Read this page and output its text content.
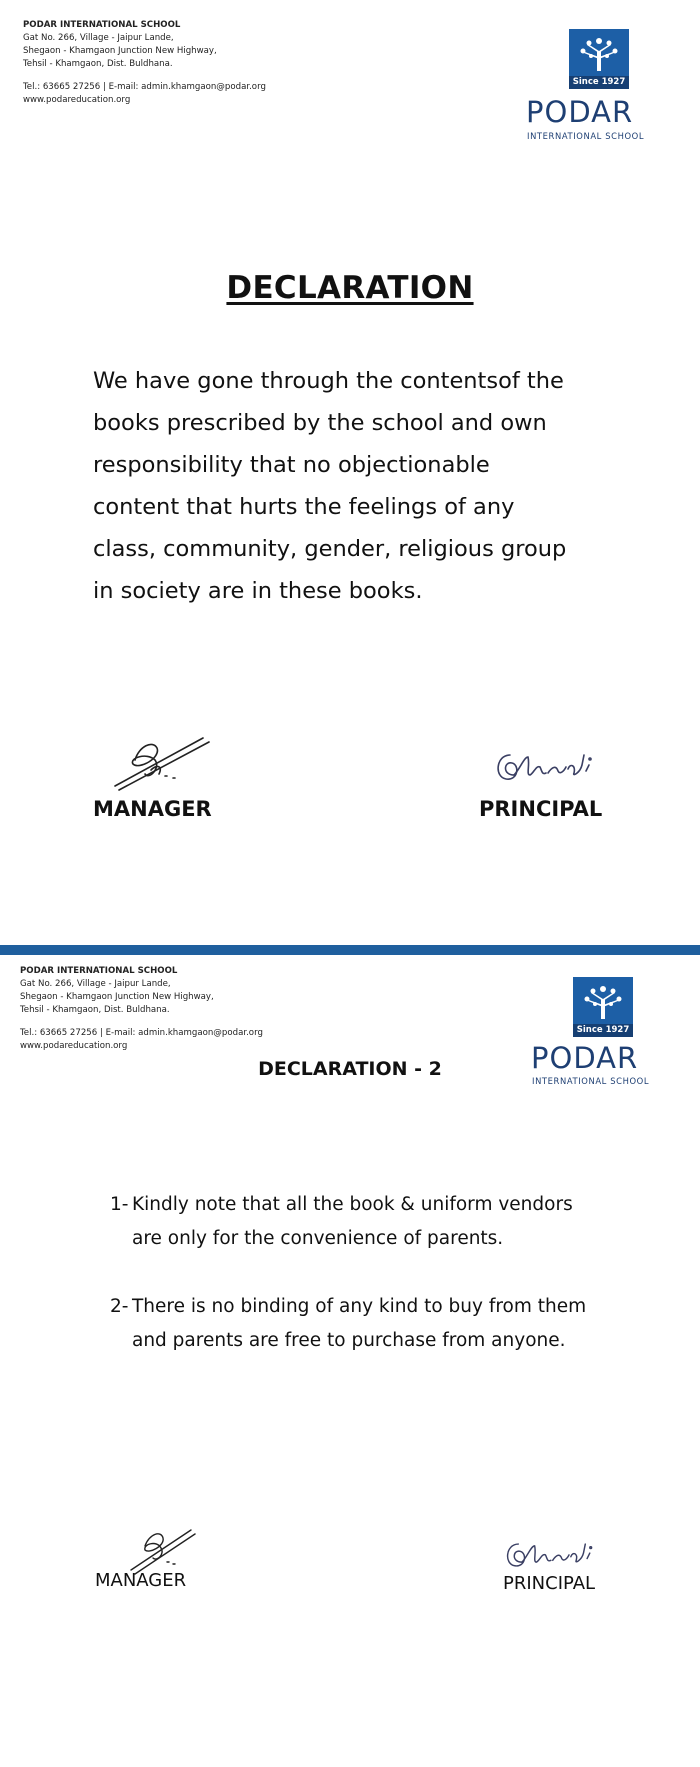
PODAR INTERNATIONAL SCHOOL
Gat No. 266, Village - Jaipur Lande,
Shegaon - Khamgaon Junction New Highway,
Tehsil - Khamgaon, Dist. Buldhana.
Tel.: 63665 27256 | E-mail: admin.khamgaon@podar.org
www.podareducation.org
Since 1927
PODAR
INTERNATIONAL SCHOOL
DECLARATION
We have gone through the contentsof the
books prescribed by the school and own
responsibility that no objectionable
content that hurts the feelings of any
class, community, gender, religious group
in society are in these books.
MANAGER	PRINCIPAL
PODAR INTERNATIONAL SCHOOL
Gat No. 266, Village - Jaipur Lande,
Shegaon - Khamgaon Junction New Highway,
Tehsil - Khamgaon, Dist. Buldhana.
Tel.: 63665 27256 | E-mail: admin.khamgaon@podar.org
www.podareducation.org
Since 1927
PODAR
INTERNATIONAL SCHOOL
DECLARATION - 2
1- Kindly note that all the book & uniform vendors
are only for the convenience of parents.
2- There is no binding of any kind to buy from them
and parents are free to purchase from anyone.
MANAGER	PRINCIPAL
